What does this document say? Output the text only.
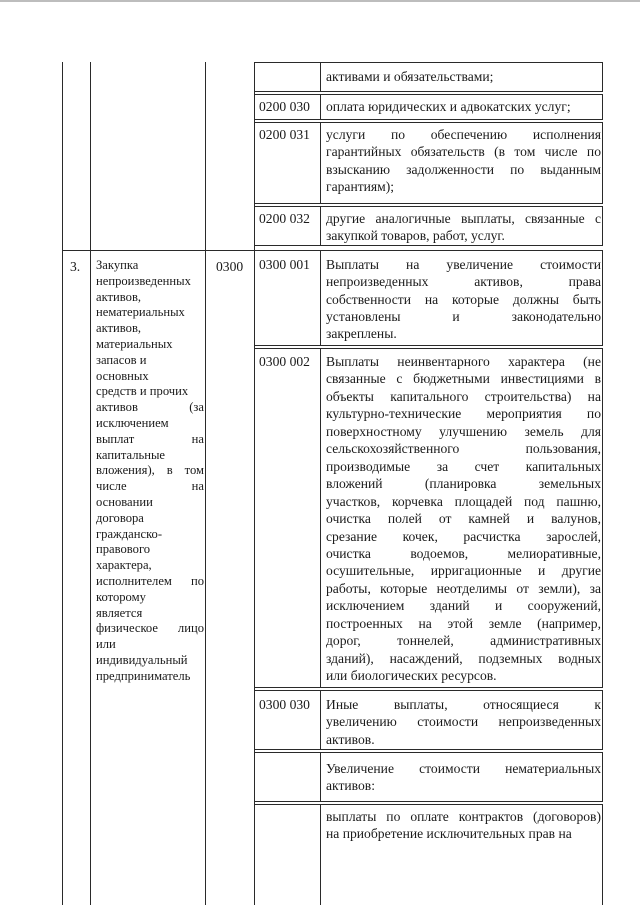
активами и обязательствами;
0200 030 оплата юридических и адвокатских услуг;
0200 031 услуги по обеспечению исполнения
гарантийных обязательств (в том числе по
взысканию задолженности по выданным
гарантиям);
0200 032 другие аналогичные выплаты, связанные с
закупкой товаров, работ, услуг.
3.	0300
Закупка
непроизведенных
активов,
нематериальных
активов,
материальных
запасов и
основных
средств и прочих
активов (за
исключением
выплат на
капитальные
вложения), в том
числе на
основании
договора
гражданско-
правового
характера,
исполнителем по
которому
является
физическое лицо
или
индивидуальный
предприниматель
0300 001 Выплаты на увеличение стоимости
непроизведенных активов, права
собственности на которые должны быть
установлены и законодательно
закреплены.
0300 002 Выплаты неинвентарного характера (не
связанные с бюджетными инвестициями в
объекты капитального строительства) на
культурно-технические мероприятия по
поверхностному улучшению земель для
сельскохозяйственного пользования,
производимые за счет капитальных
вложений (планировка земельных
участков, корчевка площадей под пашню,
очистка полей от камней и валунов,
срезание кочек, расчистка зарослей,
очистка водоемов, мелиоративные,
осушительные, ирригационные и другие
работы, которые неотделимы от земли), за
исключением зданий и сооружений,
построенных на этой земле (например,
дорог, тоннелей, административных
зданий), насаждений, подземных водных
или биологических ресурсов.
0300 030 Иные выплаты, относящиеся к
увеличению стоимости непроизведенных
активов.
Увеличение стоимости нематериальных
активов:
выплаты по оплате контрактов (договоров)
на приобретение исключительных прав на
